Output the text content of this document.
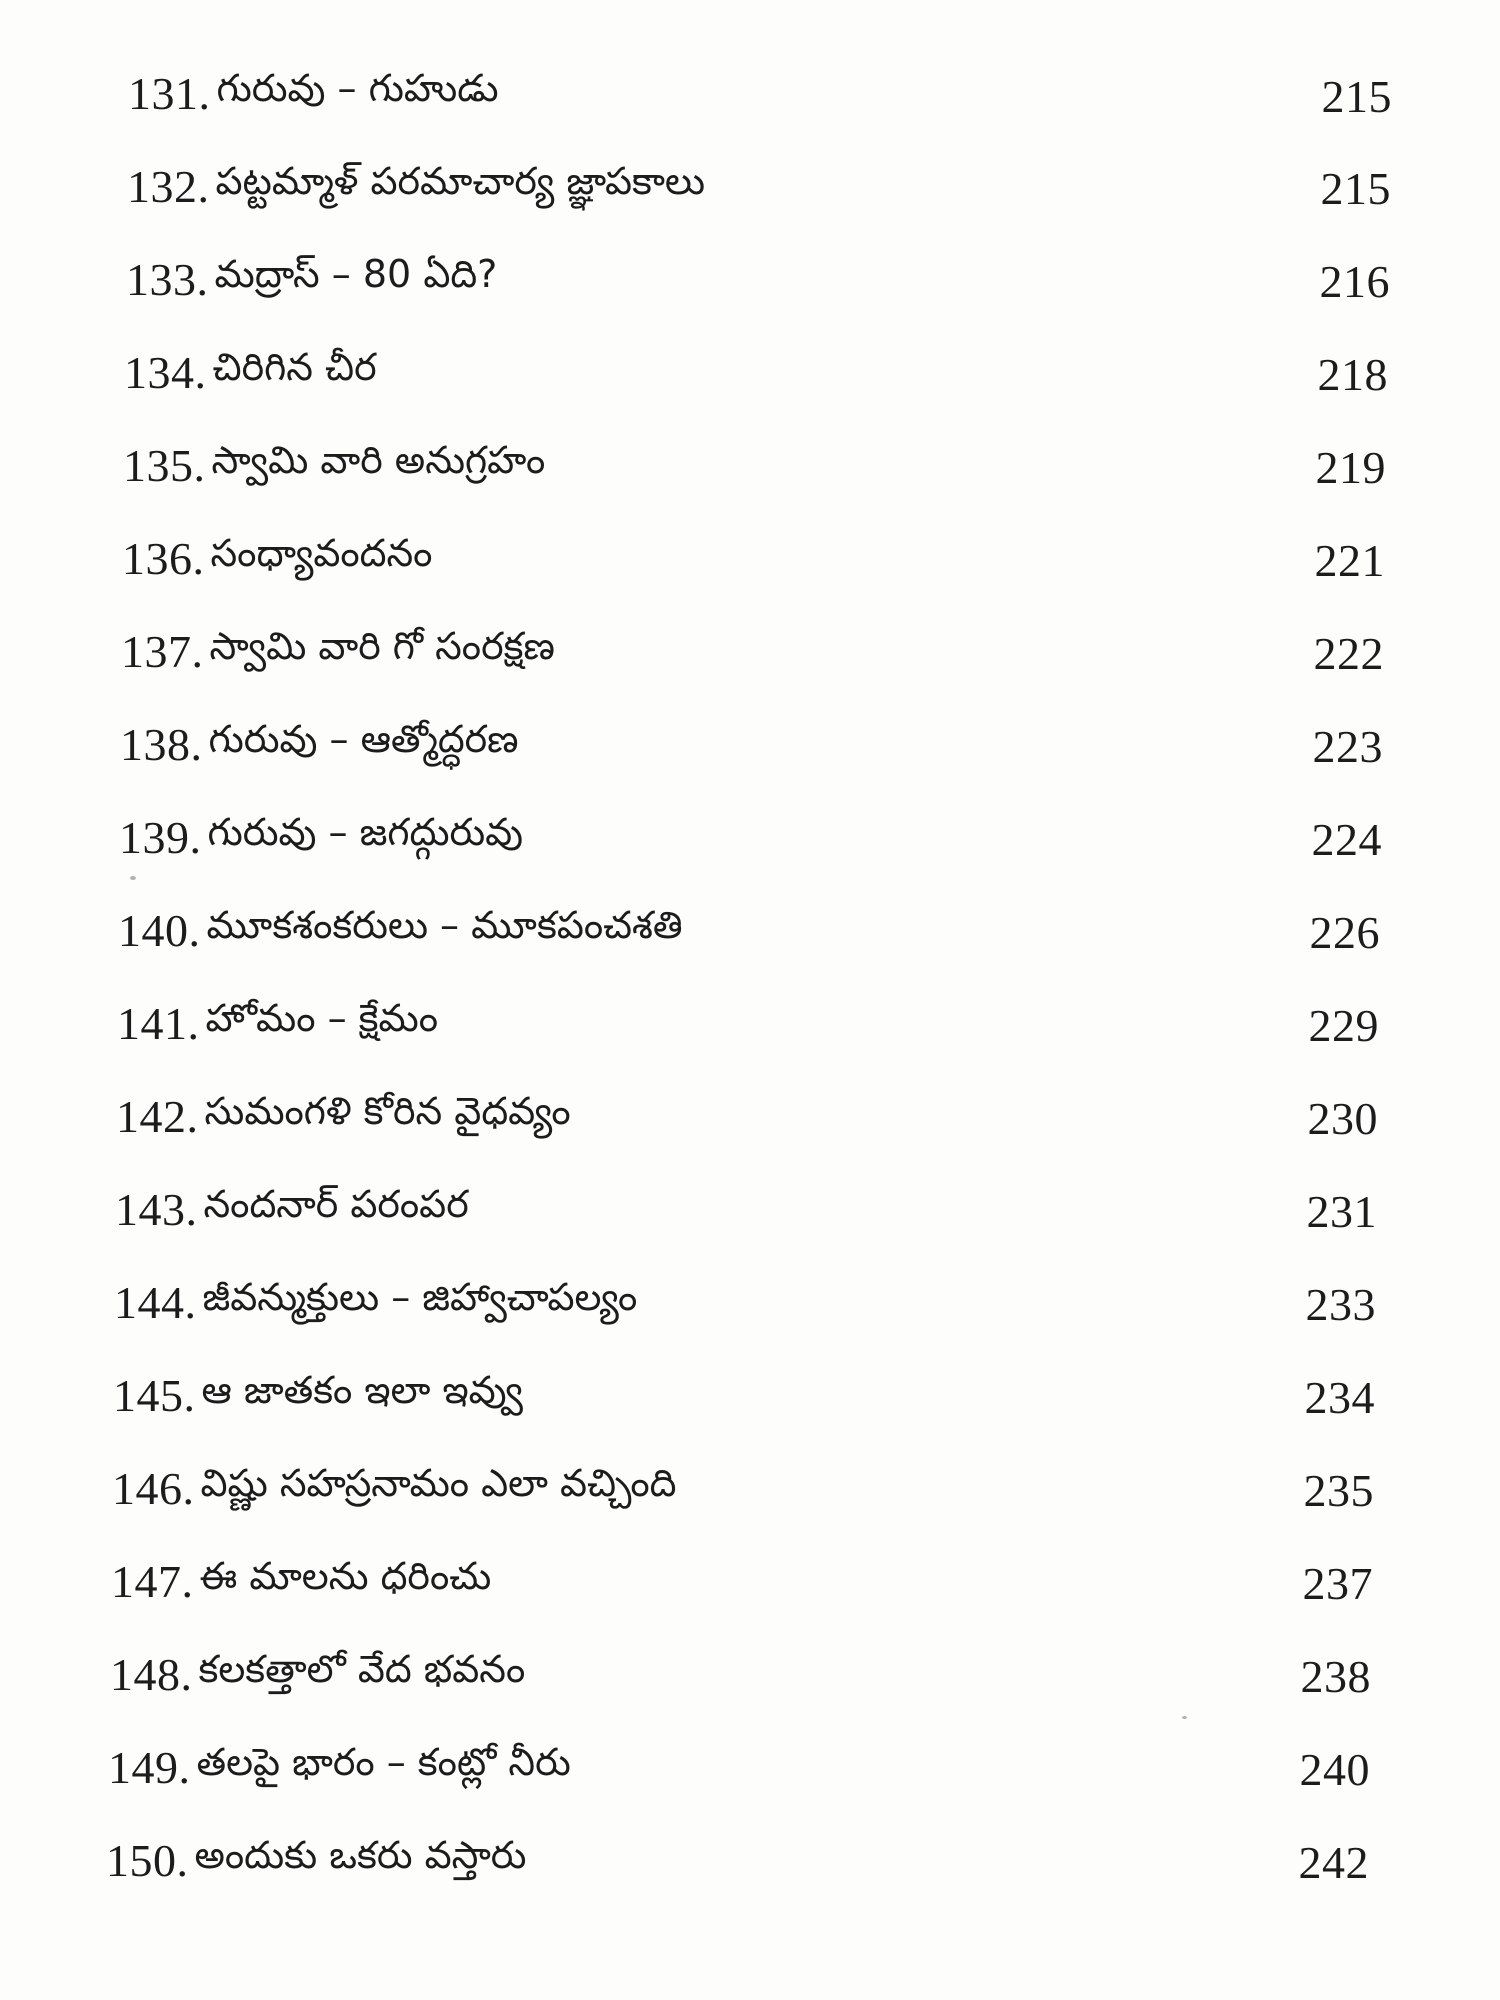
131. గురువు – గుహుడు	215
132. పట్టమ్మాళ్ పరమాచార్య జ్ఞాపకాలు	215
133. మద్రాస్ – 80 ఏది?	216
134. చిరిగిన చీర	218
135. స్వామి వారి అనుగ్రహం	219
136. సంధ్యావందనం	221
137. స్వామి వారి గో సంరక్షణ	222
138. గురువు – ఆత్మోద్ధరణ	223
139. గురువు – జగద్గురువు	224
140. మూకశంకరులు – మూకపంచశతి	226
141. హోమం – క్షేమం	229
142. సుమంగళి కోరిన వైధవ్యం	230
143. నందనార్ పరంపర	231
144. జీవన్ముక్తులు – జిహ్వాచాపల్యం	233
145. ఆ జాతకం ఇలా ఇవ్వు	234
146. విష్ణు సహస్రనామం ఎలా వచ్చింది	235
147. ఈ మాలను ధరించు	237
148. కలకత్తాలో వేద భవనం	238
149. తలపై భారం – కంట్లో నీరు	240
150. అందుకు ఒకరు వస్తారు	242
